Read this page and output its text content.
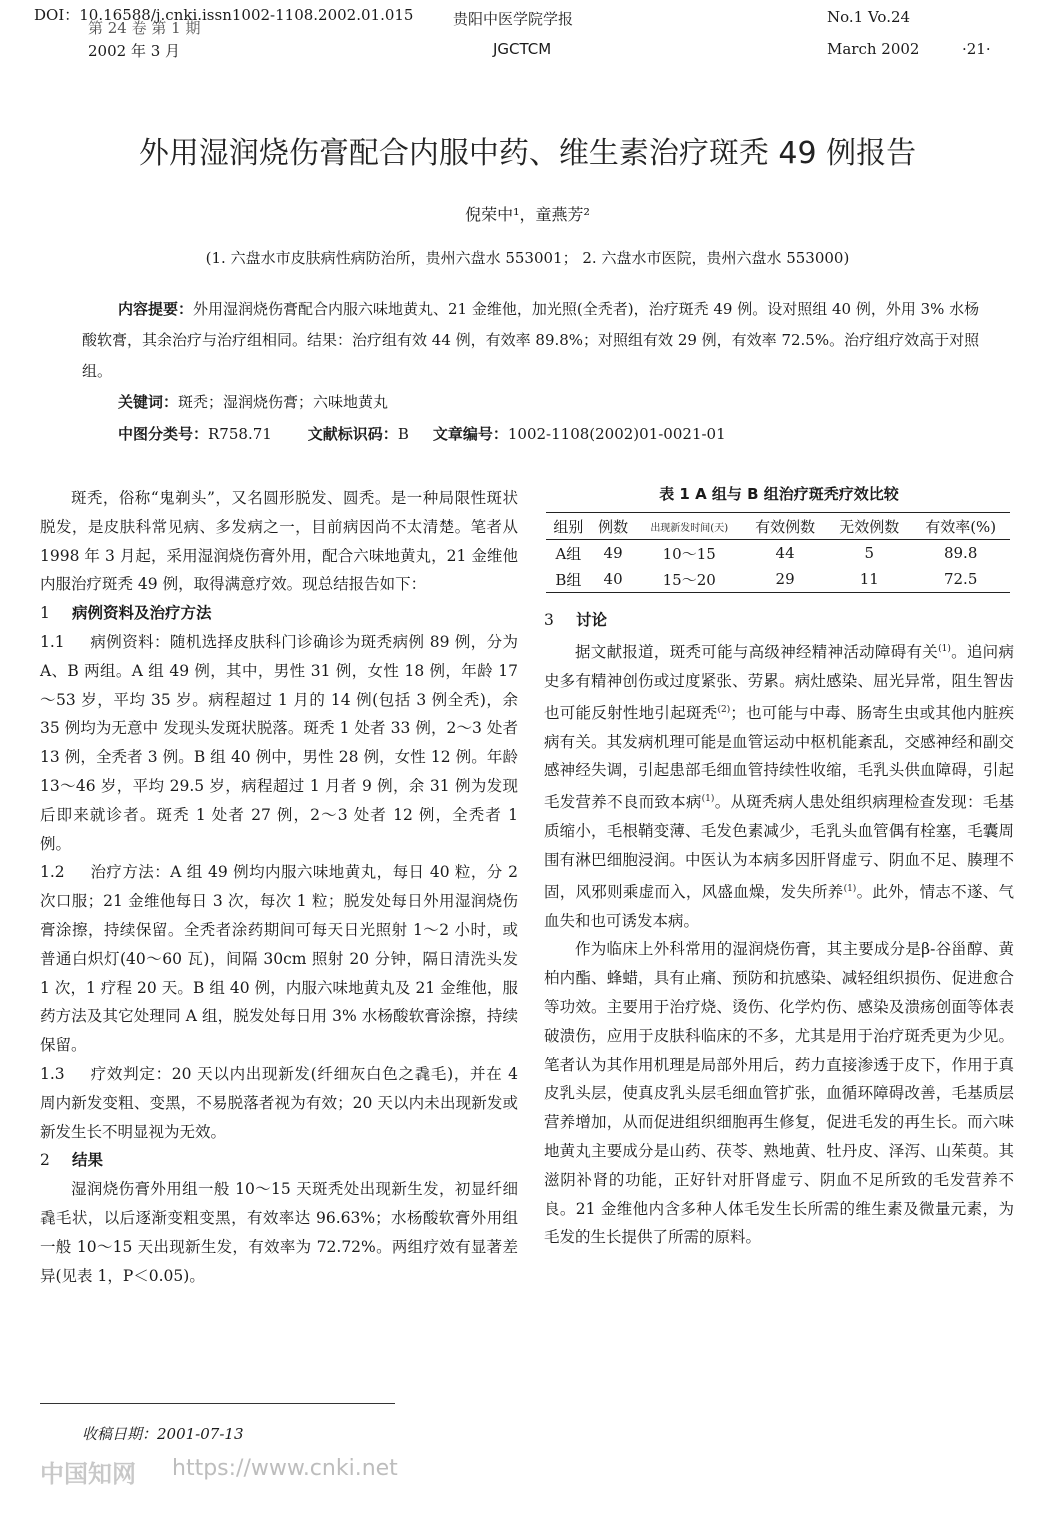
DOI：10.16588/j.cnki.issn1002-1108.2002.01.015
第 24 卷 第 1 期	贵阳中医学院学报	No.1 Vo.24
2002 年 3 月	JGCTCM	March 2002	·21·
外用湿润烧伤膏配合内服中药、维生素治疗斑秃 49 例报告
倪荣中¹，童燕芳²
(1. 六盘水市皮肤病性病防治所，贵州六盘水 553001； 2. 六盘水市医院，贵州六盘水 553000)
内容提要：外用湿润烧伤膏配合内服六味地黄丸、21 金维他，加光照(全秃者)，治疗斑秃 49 例。设对照组 40 例，外用 3% 水杨酸软膏，其余治疗与治疗组相同。结果：治疗组有效 44 例，有效率 89.8%；对照组有效 29 例，有效率 72.5%。治疗组疗效高于对照组。
关键词：斑秃；湿润烧伤膏；六味地黄丸
中图分类号：R758.71 文献标识码：B 文章编号：1002-1108(2002)01-0021-01

斑秃，俗称“鬼剃头”，又名圆形脱发、圆秃。是一种局限性斑状脱发，是皮肤科常见病、多发病之一，目前病因尚不太清楚。笔者从 1998 年 3 月起，采用湿润烧伤膏外用，配合六味地黄丸，21 金维他内服治疗斑秃 49 例，取得满意疗效。现总结报告如下：

1 病例资料及治疗方法

1.1 病例资料：随机选择皮肤科门诊确诊为斑秃病例 89 例，分为 A、B 两组。A 组 49 例，其中，男性 31 例，女性 18 例，年龄 17～53 岁，平均 35 岁。病程超过 1 月的 14 例(包括 3 例全秃)，余 35 例均为无意中 发现头发斑状脱落。斑秃 1 处者 33 例，2～3 处者 13 例，全秃者 3 例。B 组 40 例中，男性 28 例，女性 12 例。年龄 13～46 岁，平均 29.5 岁，病程超过 1 月者 9 例，余 31 例为发现后即来就诊者。斑秃 1 处者 27 例，2～3 处者 12 例，全秃者 1 例。

1.2 治疗方法：A 组 49 例均内服六味地黄丸，每日 40 粒，分 2 次口服；21 金维他每日 3 次，每次 1 粒；脱发处每日外用湿润烧伤膏涂擦，持续保留。全秃者涂药期间可每天日光照射 1～2 小时，或普通白炽灯(40～60 瓦)，间隔 30cm 照射 20 分钟，隔日清洗头发 1 次，1 疗程 20 天。B 组 40 例，内服六味地黄丸及 21 金维他，服药方法及其它处理同 A 组，脱发处每日用 3% 水杨酸软膏涂擦，持续保留。

1.3 疗效判定：20 天以内出现新发(纤细灰白色之毳毛)，并在 4 周内新发变粗、变黑，不易脱落者视为有效；20 天以内未出现新发或新发生长不明显视为无效。

2 结果

湿润烧伤膏外用组一般 10～15 天斑秃处出现新生发，初显纤细毳毛状，以后逐渐变粗变黑，有效率达 96.63%；水杨酸软膏外用组一般 10～15 天出现新生发，有效率为 72.72%。两组疗效有显著差异(见表 1，P＜0.05)。

表 1 A 组与 B 组治疗斑秃疗效比较
组别	例数	出现新发时间(天)	有效例数	无效例数	有效率(%)
A组	49	10～15	44	5	89.8
B组	40	15～20	29	11	72.5

3 讨论

据文献报道，斑秃可能与高级神经精神活动障碍有关$^{(1)}$。追问病史多有精神创伤或过度紧张、劳累。病灶感染、屈光异常，阻生智齿也可能反射性地引起斑秃$^{(2)}$；也可能与中毒、肠寄生虫或其他内脏疾病有关。其发病机理可能是血管运动中枢机能紊乱，交感神经和副交感神经失调，引起患部毛细血管持续性收缩，毛乳头供血障碍，引起毛发营养不良而致本病$^{(1)}$。从斑秃病人患处组织病理检查发现：毛基质缩小，毛根鞘变薄、毛发色素减少，毛乳头血管偶有栓塞，毛囊周围有淋巴细胞浸润。中医认为本病多因肝肾虚亏、阴血不足、腠理不固，风邪则乘虚而入，风盛血燥，发失所养$^{(1)}$。此外，情志不遂、气血失和也可诱发本病。

作为临床上外科常用的湿润烧伤膏，其主要成分是β-谷甾醇、黄柏内酯、蜂蜡，具有止痛、预防和抗感染、减轻组织损伤、促进愈合等功效。主要用于治疗烧、烫伤、化学灼伤、感染及溃疡创面等体表破溃伤，应用于皮肤科临床的不多，尤其是用于治疗斑秃更为少见。笔者认为其作用机理是局部外用后，药力直接渗透于皮下，作用于真皮乳头层，使真皮乳头层毛细血管扩张，血循环障碍改善，毛基质层营养增加，从而促进组织细胞再生修复，促进毛发的再生长。而六味地黄丸主要成分是山药、茯苓、熟地黄、牡丹皮、泽泻、山茱萸。其滋阴补肾的功能，正好针对肝肾虚亏、阴血不足所致的毛发营养不良。21 金维他内含多种人体毛发生长所需的维生素及微量元素，为毛发的生长提供了所需的原料。

收稿日期：2001-07-13
中国知网 https://www.cnki.net
